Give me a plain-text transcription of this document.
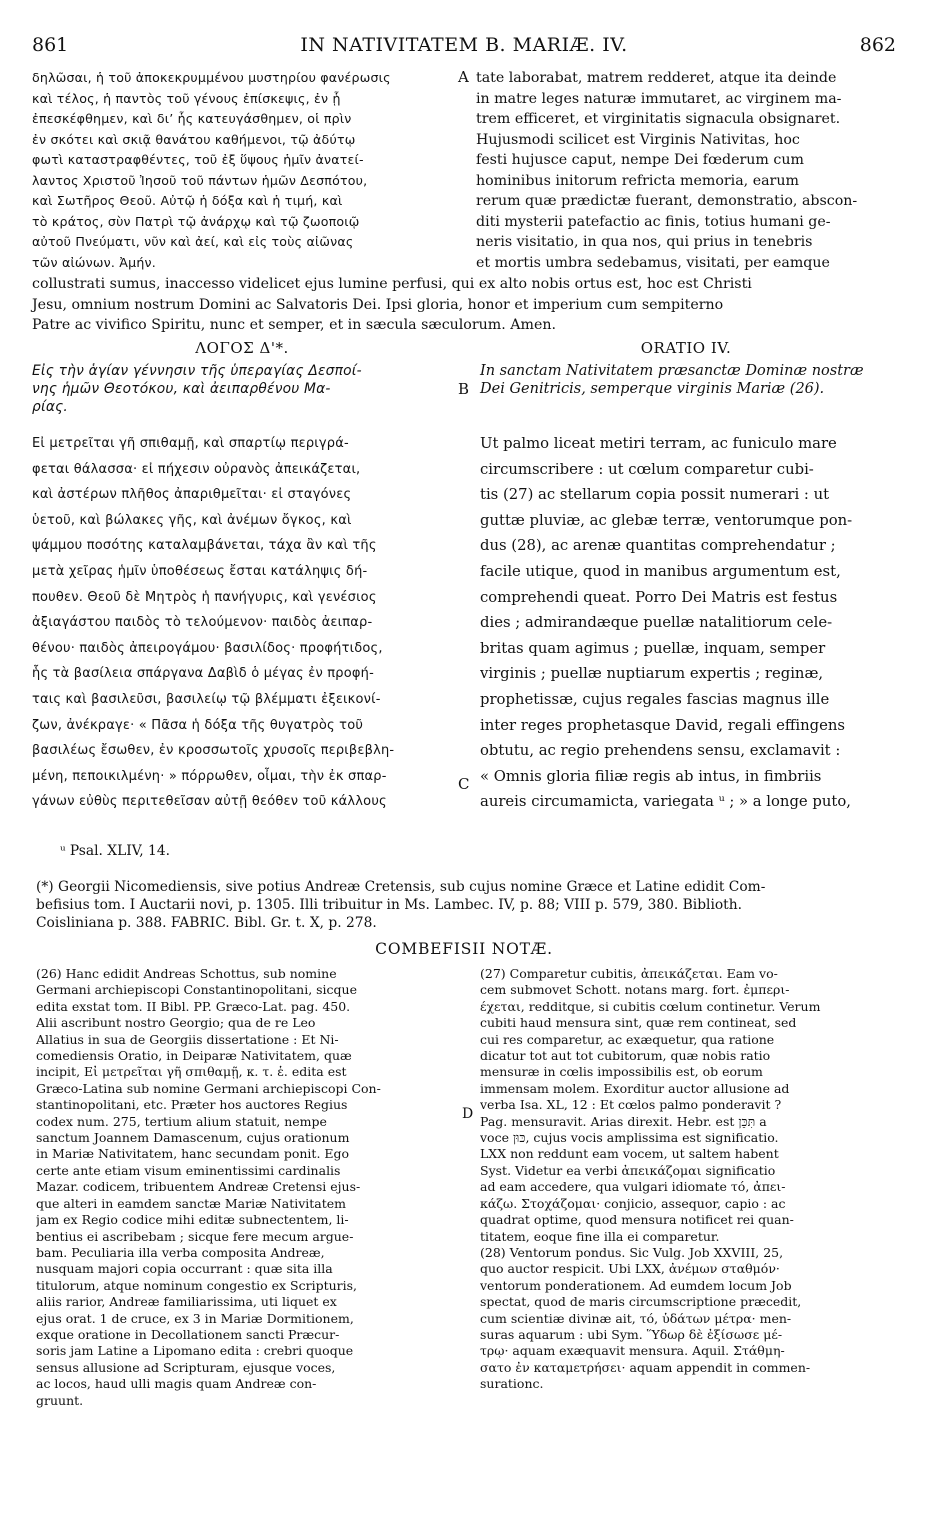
861	IN NATIVITATEM B. MARIÆ. IV.	862
δηλῶσαι, ἡ τοῦ ἀποκεκρυμμένου μυστηρίου φανέρωσις
καὶ τέλος, ἡ παντὸς τοῦ γένους ἐπίσκεψις, ἐν ᾗ
ἐπεσκέφθημεν, καὶ δι’ ἧς κατευγάσθημεν, οἱ πρὶν
ἐν σκότει καὶ σκιᾷ θανάτου καθήμενοι, τῷ ἀδύτῳ
φωτὶ καταστραφθέντες, τοῦ ἐξ ὕψους ἡμῖν ἀνατεί-
λαντος Χριστοῦ Ἰησοῦ τοῦ πάντων ἡμῶν Δεσπότου,
καὶ Σωτῆρος Θεοῦ. Αὐτῷ ἡ δόξα καὶ ἡ τιμή, καὶ
τὸ κράτος, σὺν Πατρὶ τῷ ἀνάρχῳ καὶ τῷ ζωοποιῷ
αὐτοῦ Πνεύματι, νῦν καὶ ἀεί, καὶ εἰς τοὺς αἰῶνας
τῶν αἰώνων. Ἀμήν.
A tate laborabat, matrem redderet, atque ita deinde
in matre leges naturæ immutaret, ac virginem ma-
trem efficeret, et virginitatis signacula obsignaret.
Hujusmodi scilicet est Virginis Nativitas, hoc
festi hujusce caput, nempe Dei fœderum cum
hominibus initorum refricta memoria, earum
rerum quæ prædictæ fuerant, demonstratio, abscon-
diti mysterii patefactio ac finis, totius humani ge-
neris visitatio, in qua nos, qui prius in tenebris
et mortis umbra sedebamus, visitati, per eamque
collustrati sumus, inaccesso videlicet ejus lumine perfusi, qui ex alto nobis ortus est, hoc est Christi
Jesu, omnium nostrum Domini ac Salvatoris Dei. Ipsi gloria, honor et imperium cum sempiterno
Patre ac vivifico Spiritu, nunc et semper, et in sæcula sæculorum. Amen.
ΛΟΓΟΣ Δ'*.	ORATIO IV.
Εἰς τὴν ἁγίαν γέννησιν τῆς ὑπεραγίας Δεσποί-
νης ἡμῶν Θεοτόκου, καὶ ἀειπαρθένου Μα-
ρίας.
B
In sanctam Nativitatem præsanctæ Dominæ nostræ
Dei Genitricis, semperque virginis Mariæ (26).
Εἰ μετρεῖται γῆ σπιθαμῇ, καὶ σπαρτίῳ περιγρά-
φεται θάλασσα· εἰ πήχεσιν οὐρανὸς ἀπεικάζεται,
καὶ ἀστέρων πλῆθος ἀπαριθμεῖται· εἰ σταγόνες
ὑετοῦ, καὶ βώλακες γῆς, καὶ ἀνέμων ὄγκος, καὶ
ψάμμου ποσότης καταλαμβάνεται, τάχα ἂν καὶ τῆς
μετὰ χεῖρας ἡμῖν ὑποθέσεως ἔσται κατάληψις δή-
πουθεν. Θεοῦ δὲ Μητρὸς ἡ πανήγυρις, καὶ γενέσιος
ἀξιαγάστου παιδὸς τὸ τελούμενον· παιδὸς ἀειπαρ-
θένου· παιδὸς ἀπειρογάμου· βασιλίδος· προφήτιδος,
ἧς τὰ βασίλεια σπάργανα Δαβὶδ ὁ μέγας ἐν προφή-
ταις καὶ βασιλεῦσι, βασιλείῳ τῷ βλέμματι ἐξεικονί-
ζων, ἀνέκραγε· « Πᾶσα ἡ δόξα τῆς θυγατρὸς τοῦ
βασιλέως ἔσωθεν, ἐν κροσσωτοῖς χρυσοῖς περιβεβλη-
μένη, πεποικιλμένη· » πόρρωθεν, οἶμαι, τὴν ἐκ σπαρ-
γάνων εὐθὺς περιτεθεῖσαν αὐτῇ θεόθεν τοῦ κάλλους
C
Ut palmo liceat metiri terram, ac funiculo mare
circumscribere : ut cœlum comparetur cubi-
tis (27) ac stellarum copia possit numerari : ut
guttæ pluviæ, ac glebæ terræ, ventorumque pon-
dus (28), ac arenæ quantitas comprehendatur ;
facile utique, quod in manibus argumentum est,
comprehendi queat. Porro Dei Matris est festus
dies ; admirandæque puellæ natalitiorum cele-
britas quam agimus ; puellæ, inquam, semper
virginis ; puellæ nuptiarum expertis ; reginæ,
prophetissæ, cujus regales fascias magnus ille
inter reges prophetasque David, regali effingens
obtutu, ac regio prehendens sensu, exclamavit :
« Omnis gloria filiæ regis ab intus, in fimbriis
aureis circumamicta, variegata ᵘ ; » a longe puto,
ᵘ Psal. XLIV, 14.
(*) Georgii Nicomediensis, sive potius Andreæ Cretensis, sub cujus nomine Græce et Latine edidit Com-
befisius tom. I Auctarii novi, p. 1305. Illi tribuitur in Ms. Lambec. IV, p. 88; VIII p. 579, 380. Biblioth.
Coisliniana p. 388. FABRIC. Bibl. Gr. t. X, p. 278.
COMBEFISII NOTÆ.
(26) Hanc edidit Andreas Schottus, sub nomine
Germani archiepiscopi Constantinopolitani, sicque
edita exstat tom. II Bibl. PP. Græco-Lat. pag. 450.
Alii ascribunt nostro Georgio; qua de re Leo
Allatius in sua de Georgiis dissertatione : Et Ni-
comediensis Oratio, in Deiparæ Nativitatem, quæ
incipit, Εἰ μετρεῖται γῆ σπιθαμῇ, κ. τ. ἑ. edita est
Græco-Latina sub nomine Germani archiepiscopi Con-
stantinopolitani, etc. Præter hos auctores Regius
codex num. 275, tertium alium statuit, nempe
sanctum Joannem Damascenum, cujus orationum
in Mariæ Nativitatem, hanc secundam ponit. Ego
certe ante etiam visum eminentissimi cardinalis
Mazar. codicem, tribuentem Andreæ Cretensi ejus-
que alteri in eamdem sanctæ Mariæ Nativitatem
jam ex Regio codice mihi editæ subnectentem, li-
bentius ei ascribebam ; sicque fere mecum argue-
bam. Peculiaria illa verba composita Andreæ,
nusquam majori copia occurrant : quæ sita illa
titulorum, atque nominum congestio ex Scripturis,
aliis rarior, Andreæ familiarissima, uti liquet ex
ejus orat. 1 de cruce, ex 3 in Mariæ Dormitionem,
exque oratione in Decollationem sancti Præcur-
soris jam Latine a Lipomano edita : crebri quoque
sensus allusione ad Scripturam, ejusque voces,
ac locos, haud ulli magis quam Andreæ con-
gruunt.
D
(27) Comparetur cubitis, ἀπεικάζεται. Eam vo-
cem submovet Schott. notans marg. fort. ἐμπερι-
έχεται, redditque, si cubitis cœlum continetur. Verum
cubiti haud mensura sint, quæ rem contineat, sed
cui res comparetur, ac exæquetur, qua ratione
dicatur tot aut tot cubitorum, quæ nobis ratio
mensuræ in cœlis impossibilis est, ob eorum
immensam molem. Exorditur auctor allusione ad
verba Isa. XL, 12 : Et cœlos palmo ponderavit ?
Pag. mensuravit. Arias direxit. Hebr. est תִּכֵּן a
voce כּוּן, cujus vocis amplissima est significatio.
LXX non reddunt eam vocem, ut saltem habent
Syst. Videtur ea verbi ἀπεικάζομαι significatio
ad eam accedere, qua vulgari idiomate τό, ἀπει-
κάζω. Στοχάζομαι· conjicio, assequor, capio : ac
quadrat optime, quod mensura notificet rei quan-
titatem, eoque fine illa ei comparetur.
(28) Ventorum pondus. Sic Vulg. Job XXVIII, 25,
quo auctor respicit. Ubi LXX, ἀνέμων σταθμόν·
ventorum ponderationem. Ad eumdem locum Job
spectat, quod de maris circumscriptione præcedit,
cum scientiæ divinæ ait, τό, ὑδάτων μέτρα· men-
suras aquarum : ubi Sym. Ὕδωρ δὲ ἐξίσωσε μέ-
τρῳ· aquam exæquavit mensura. Aquil. Στάθμη-
σατο ἐν καταμετρήσει· aquam appendit in commen-
surationc.
